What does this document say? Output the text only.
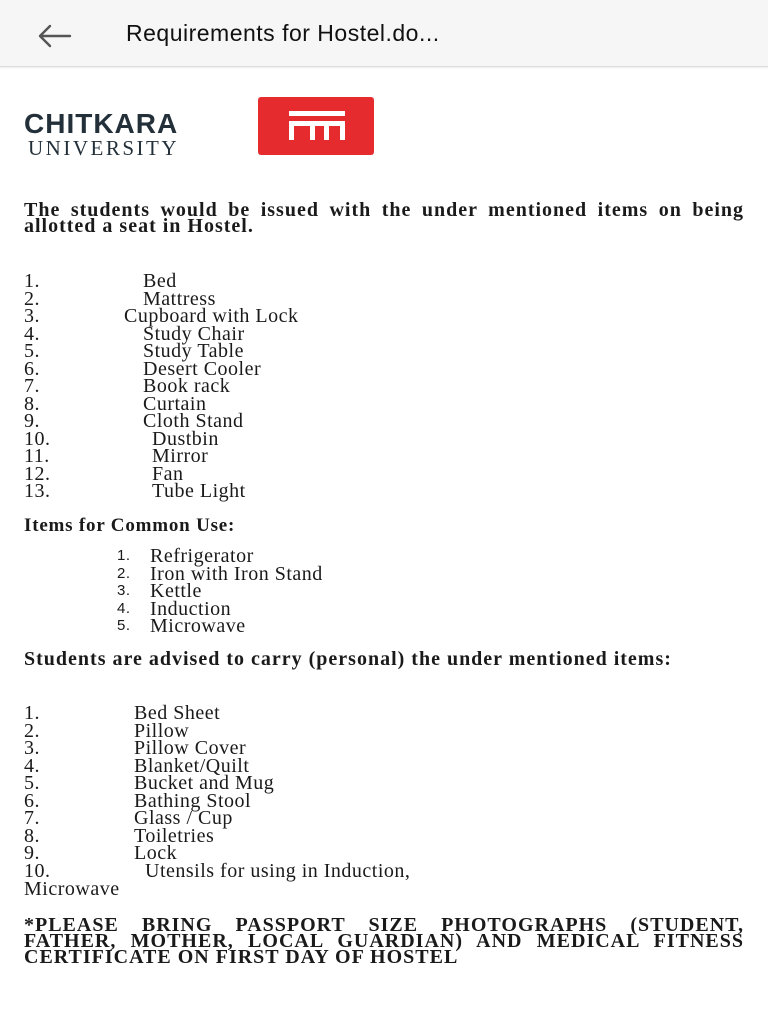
Requirements for Hostel.do...
CHITKARA
UNIVERSITY
The students would be issued with the under mentioned items on being allotted a seat in Hostel.
1.	Bed
2.	Mattress
3.	Cupboard with Lock
4.	Study Chair
5.	Study Table
6.	Desert Cooler
7.	Book rack
8.	Curtain
9.	Cloth Stand
10.	Dustbin
11.	Mirror
12.	Fan
13.	Tube Light
Items for Common Use:
1. Refrigerator
2. Iron with Iron Stand
3. Kettle
4. Induction
5. Microwave
Students are advised to carry (personal) the under mentioned items:
1.	Bed Sheet
2.	Pillow
3.	Pillow Cover
4.	Blanket/Quilt
5.	Bucket and Mug
6.	Bathing Stool
7.	Glass / Cup
8.	Toiletries
9.	Lock
10.	Utensils for using in Induction,
Microwave
*PLEASE BRING PASSPORT SIZE PHOTOGRAPHS (STUDENT, FATHER, MOTHER, LOCAL GUARDIAN) AND MEDICAL FITNESS CERTIFICATE ON FIRST DAY OF HOSTEL
